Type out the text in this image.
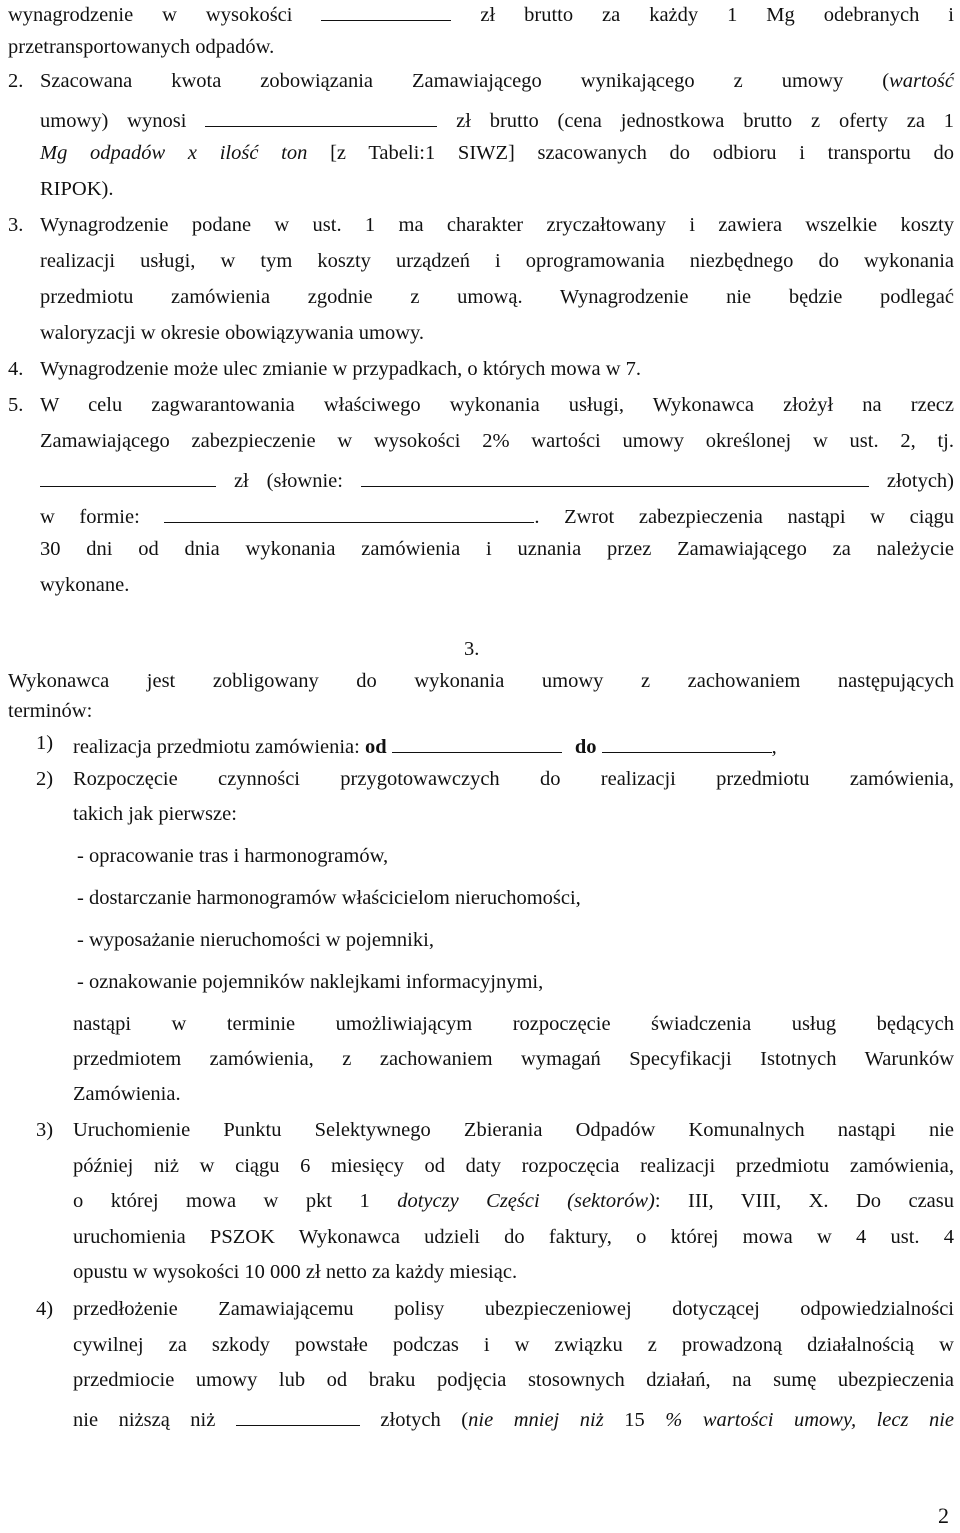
wynagrodzenie w wysokości	zł brutto za każdy 1 Mg odebranych i
przetransportowanych odpadów.
2. Szacowana kwota zobowiązania Zamawiającego wynikającego z umowy (wartość
umowy) wynosi	zł brutto (cena jednostkowa brutto z oferty za 1
Mg odpadów x ilość ton [z Tabeli:1 SIWZ] szacowanych do odbioru i transportu do
RIPOK).
3. Wynagrodzenie podane w ust. 1 ma charakter zryczałtowany i zawiera wszelkie koszty
realizacji usługi, w tym koszty urządzeń i oprogramowania niezbędnego do wykonania
przedmiotu zamówienia zgodnie z umową. Wynagrodzenie nie będzie podlegać
waloryzacji w okresie obowiązywania umowy.
4. Wynagrodzenie może ulec zmianie w przypadkach, o których mowa w 7.
5. W celu zagwarantowania właściwego wykonania usługi, Wykonawca złożył na rzecz
Zamawiającego zabezpieczenie w wysokości 2% wartości umowy określonej w ust. 2, tj.
zł (słownie:	złotych)
w formie:	. Zwrot zabezpieczenia nastąpi w ciągu
30 dni od dnia wykonania zamówienia i uznania przez Zamawiającego za należycie
wykonane.
3.
Wykonawca jest zobligowany do wykonania umowy z zachowaniem następujących
terminów:
1) realizacja przedmiotu zamówienia: od	do	,
2) Rozpoczęcie czynności przygotowawczych do realizacji przedmiotu zamówienia,
takich jak pierwsze:
- opracowanie tras i harmonogramów,
- dostarczanie harmonogramów właścicielom nieruchomości,
- wyposażanie nieruchomości w pojemniki,
- oznakowanie pojemników naklejkami informacyjnymi,
nastąpi w terminie umożliwiającym rozpoczęcie świadczenia usług będących
przedmiotem zamówienia, z zachowaniem wymagań Specyfikacji Istotnych Warunków
Zamówienia.
3) Uruchomienie Punktu Selektywnego Zbierania Odpadów Komunalnych nastąpi nie
później niż w ciągu 6 miesięcy od daty rozpoczęcia realizacji przedmiotu zamówienia,
o której mowa w pkt 1 dotyczy Części (sektorów): III, VIII, X. Do czasu
uruchomienia PSZOK Wykonawca udzieli do faktury, o której mowa w 4 ust. 4
opustu w wysokości 10 000 zł netto za każdy miesiąc.
4) przedłożenie Zamawiającemu polisy ubezpieczeniowej dotyczącej odpowiedzialności
cywilnej za szkody powstałe podczas i w związku z prowadzoną działalnością w
przedmiocie umowy lub od braku podjęcia stosownych działań, na sumę ubezpieczenia
nie niższą niż	złotych (nie mniej niż 15 % wartości umowy, lecz nie
2
